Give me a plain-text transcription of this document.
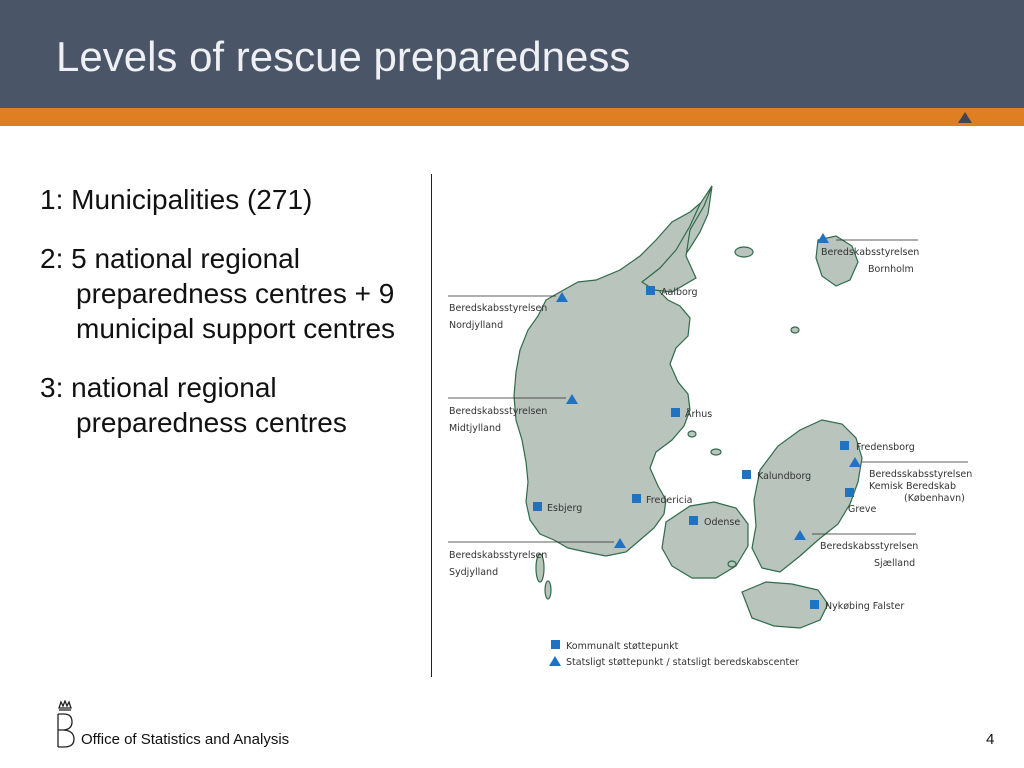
Levels of rescue preparedness
1: Municipalities (271)
2: 5 national regional preparedness centres + 9 municipal support centres
3: national regional preparedness centres
Beredskabsstyrelsen
Nordjylland
Beredskabsstyrelsen
Midtjylland
Beredskabsstyrelsen
Sydjylland
Beredskabsstyrelsen
Bornholm
Beredsskabsstyrelsen
Kemisk Beredskab
(København)
Beredskabsstyrelsen
Sjælland
Aalborg
Århus
Esbjerg
Fredericia
Odense
Kalundborg
Fredensborg
Greve
Nykøbing Falster
Kommunalt støttepunkt
Statsligt støttepunkt / statsligt beredskabscenter
Office of Statistics and Analysis	4
